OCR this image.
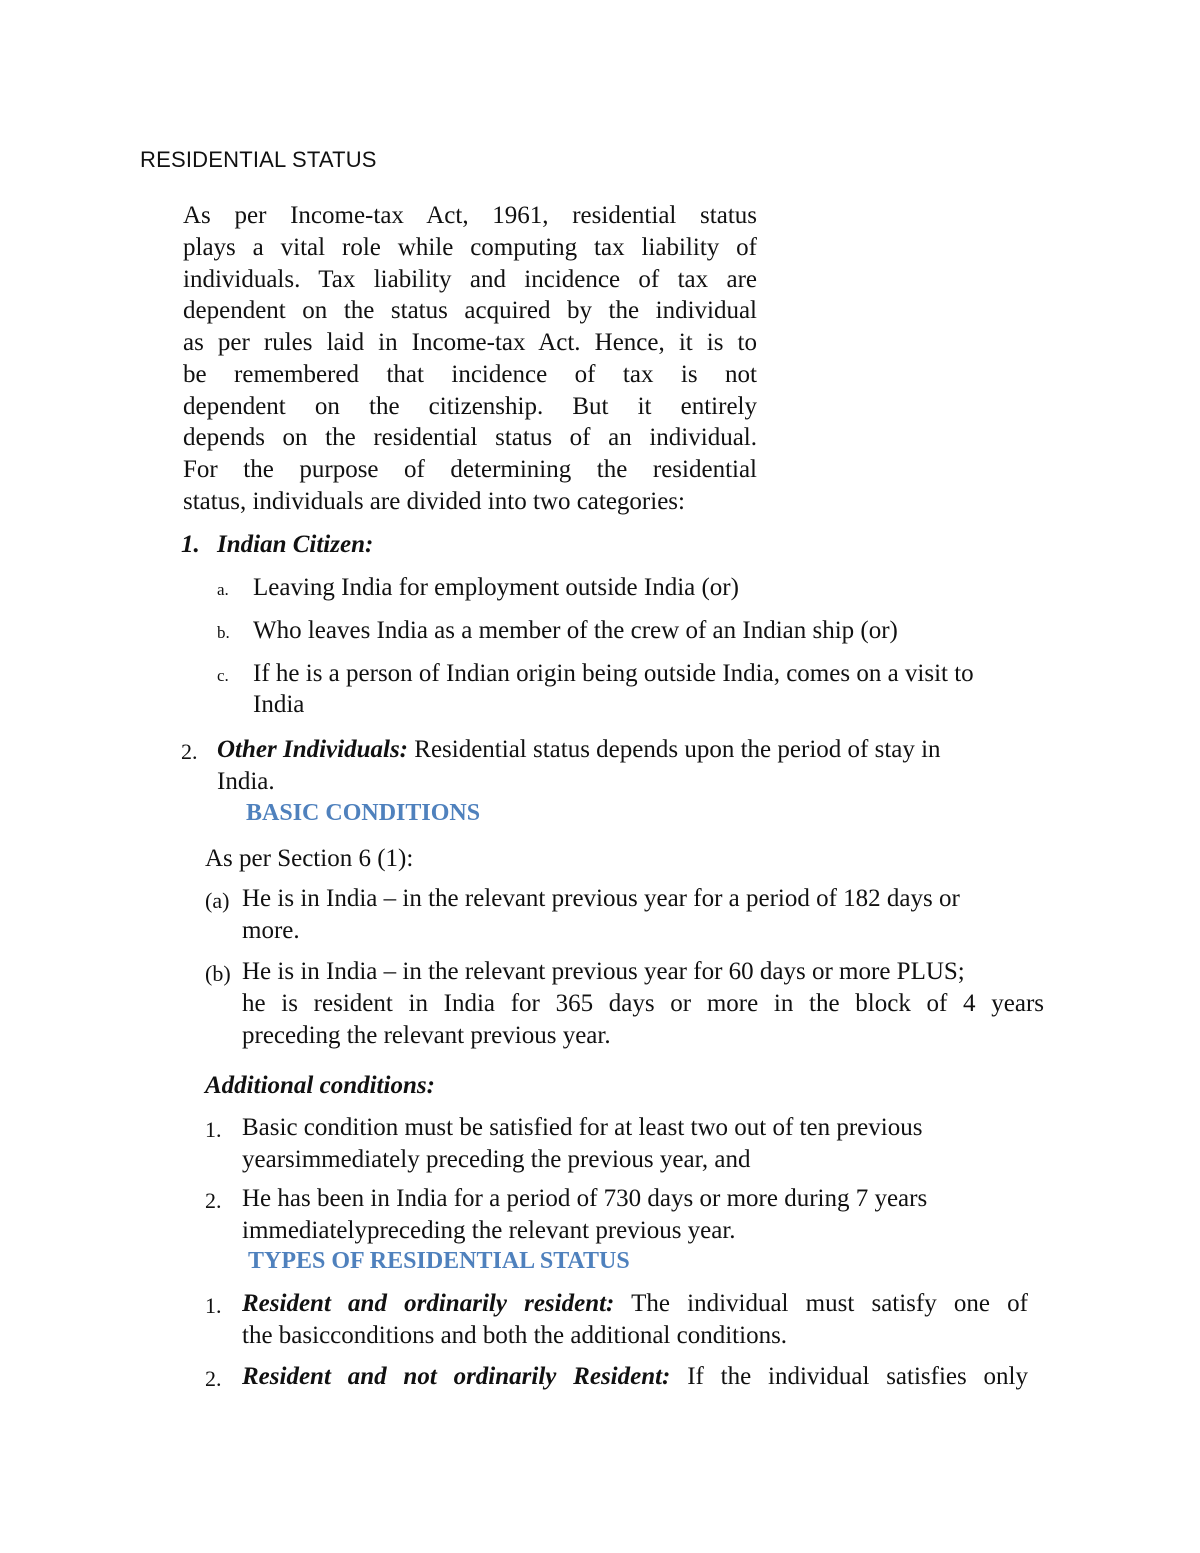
RESIDENTIAL STATUS
As per Income-tax Act, 1961, residential status
plays a vital role while computing tax liability of
individuals. Tax liability and incidence of tax are
dependent on the status acquired by the individual
as per rules laid in Income-tax Act. Hence, it is to
be remembered that incidence of tax is not
dependent on the citizenship. But it entirely
depends on the residential status of an individual.
For the purpose of determining the residential
status, individuals are divided into two categories:
1. Indian Citizen:
a. Leaving India for employment outside India (or)
b. Who leaves India as a member of the crew of an Indian ship (or)
c. If he is a person of Indian origin being outside India, comes on a visit to
India
2. Other Individuals: Residential status depends upon the period of stay in
India.
BASIC CONDITIONS
As per Section 6 (1):
(a) He is in India – in the relevant previous year for a period of 182 days or
more.
(b) He is in India – in the relevant previous year for 60 days or more PLUS;
he is resident in India for 365 days or more in the block of 4 years
preceding the relevant previous year.
Additional conditions:
1. Basic condition must be satisfied for at least two out of ten previous
yearsimmediately preceding the previous year, and
2. He has been in India for a period of 730 days or more during 7 years
immediatelypreceding the relevant previous year.
TYPES OF RESIDENTIAL STATUS
1. Resident and ordinarily resident: The individual must satisfy one of
the basicconditions and both the additional conditions.
2. Resident and not ordinarily Resident: If the individual satisfies only
